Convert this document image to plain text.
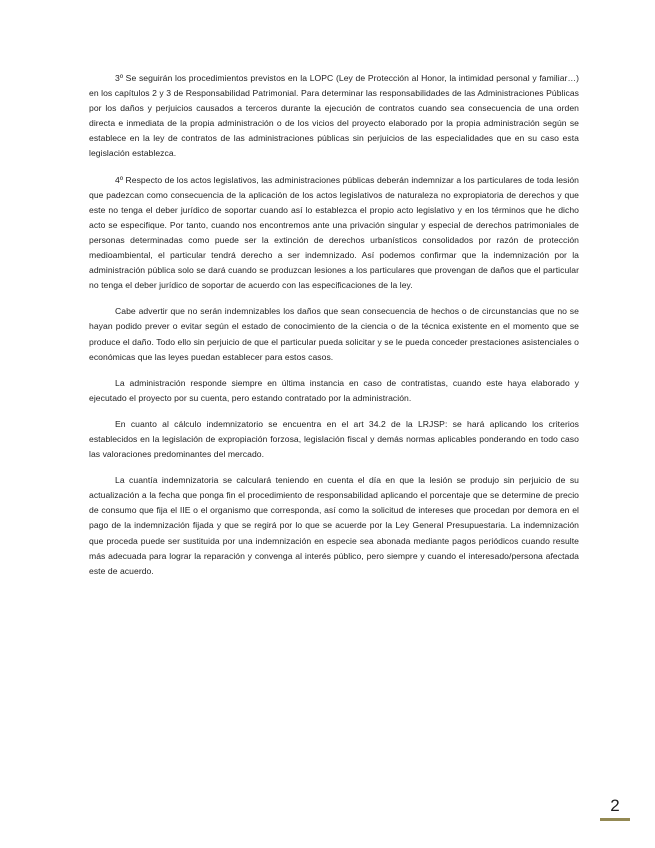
3º Se seguirán los procedimientos previstos en la LOPC (Ley de Protección al Honor, la intimidad personal y familiar…) en los capítulos 2 y 3 de Responsabilidad Patrimonial. Para determinar las responsabilidades de las Administraciones Públicas por los daños y perjuicios causados a terceros durante la ejecución de contratos cuando sea consecuencia de una orden directa e inmediata de la propia administración o de los vicios del proyecto elaborado por la propia administración según se establece en la ley de contratos de las administraciones públicas sin perjuicios de las especialidades que en su caso esta legislación establezca.

4º Respecto de los actos legislativos, las administraciones públicas deberán indemnizar a los particulares de toda lesión que padezcan como consecuencia de la aplicación de los actos legislativos de naturaleza no expropiatoria de derechos y que este no tenga el deber jurídico de soportar cuando así lo establezca el propio acto legislativo y en los términos que he dicho acto se especifique. Por tanto, cuando nos encontremos ante una privación singular y especial de derechos patrimoniales de personas determinadas como puede ser la extinción de derechos urbanísticos consolidados por razón de protección medioambiental, el particular tendrá derecho a ser indemnizado. Así podemos confirmar que la indemnización por la administración pública solo se dará cuando se produzcan lesiones a los particulares que provengan de daños que el particular no tenga el deber jurídico de soportar de acuerdo con las especificaciones de la ley.

Cabe advertir que no serán indemnizables los daños que sean consecuencia de hechos o de circunstancias que no se hayan podido prever o evitar según el estado de conocimiento de la ciencia o de la técnica existente en el momento que se produce el daño. Todo ello sin perjuicio de que el particular pueda solicitar y se le pueda conceder prestaciones asistenciales o económicas que las leyes puedan establecer para estos casos.

La administración responde siempre en última instancia en caso de contratistas, cuando este haya elaborado y ejecutado el proyecto por su cuenta, pero estando contratado por la administración.

En cuanto al cálculo indemnizatorio se encuentra en el art 34.2 de la LRJSP: se hará aplicando los criterios establecidos en la legislación de expropiación forzosa, legislación fiscal y demás normas aplicables ponderando en todo caso las valoraciones predominantes del mercado.

La cuantía indemnizatoria se calculará teniendo en cuenta el día en que la lesión se produjo sin perjuicio de su actualización a la fecha que ponga fin el procedimiento de responsabilidad aplicando el porcentaje que se determine de precio de consumo que fija el IIE o el organismo que corresponda, así como la solicitud de intereses que procedan por demora en el pago de la indemnización fijada y que se regirá por lo que se acuerde por la Ley General Presupuestaria. La indemnización que proceda puede ser sustituida por una indemnización en especie sea abonada mediante pagos periódicos cuando resulte más adecuada para lograr la reparación y convenga al interés público, pero siempre y cuando el interesado/persona afectada este de acuerdo.

2
